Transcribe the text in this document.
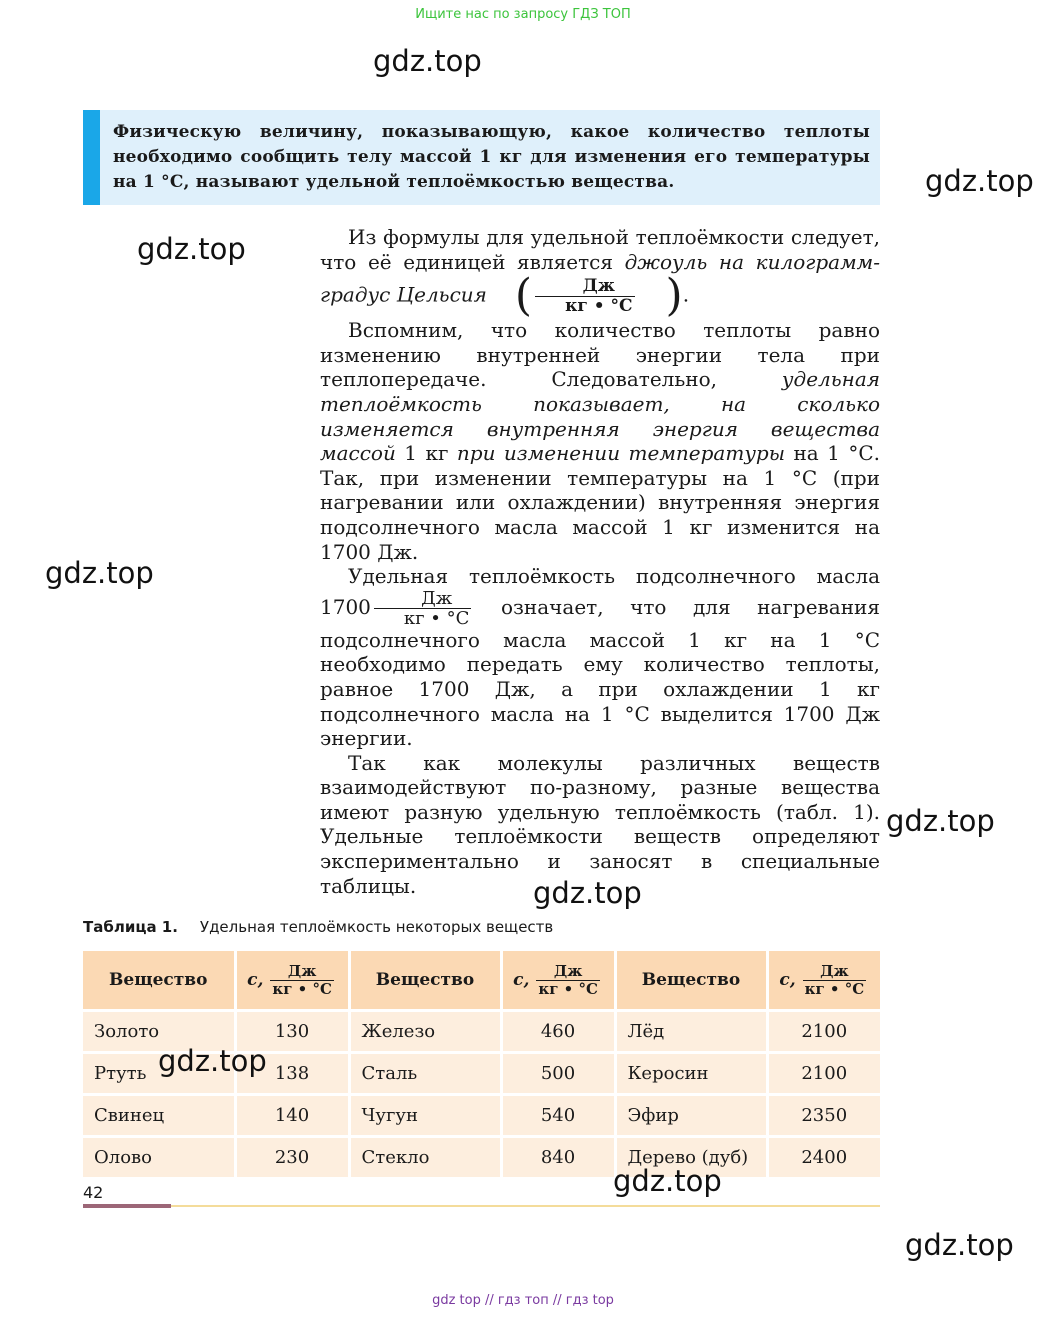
Ищите нас по запросу ГДЗ ТОП
gdz.top
gdz.top
gdz.top
Физическую величину, показывающую, какое количество теплоты необходимо сообщить телу массой 1 кг для изменения его температуры на 1 °С, называют удельной теплоёмкостью вещества.

Из формулы для удельной теплоёмкости следует, что её единицей является джоуль на килограмм-градус Цельсия ( $\frac{Дж}{кг • ^\circ С}$ ).

Вспомним, что количество теплоты равно изменению внутренней энергии тела при теплопередаче. Следовательно, удельная теплоёмкость показывает, на сколько изменяется внутренняя энергия вещества массой 1 кг при изменении температуры на 1 °С. Так, при изменении температуры на 1 °С (при нагревании или охлаждении) внутренняя энергия подсолнечного масла массой 1 кг изменится на 1700 Дж.

Удельная теплоёмкость подсолнечного масла $1700 \frac{Дж}{кг • ^\circ С}$ означает, что для нагревания подсолнечного масла массой 1 кг на 1 °С необходимо передать ему количество теплоты, равное 1700 Дж, а при охлаждении 1 кг подсолнечного масла на 1 °С выделится 1700 Дж энергии.

Так как молекулы различных веществ взаимодействуют по-разному, разные вещества имеют разную удельную теплоёмкость (табл. 1). Удельные теплоёмкости веществ определяют экспериментально и заносят в специальные таблицы.

gdz.top
gdz.top
gdz.top
Таблица 1. Удельная теплоёмкость некоторых веществ
Вещество	с, $\frac{Дж}{кг • ^\circ С}$	Вещество	с, $\frac{Дж}{кг • ^\circ С}$	Вещество	с, $\frac{Дж}{кг • ^\circ С}$

Золото	130	Железо	460	Лёд	2100
Ртуть	138	Сталь	500	Керосин	2100
Свинец	140	Чугун	540	Эфир	2350
Олово	230	Стекло	840	Дерево (дуб)	2400
gdz.top
gdz.top
42
gdz.top
gdz top // гдз топ // гдз top
